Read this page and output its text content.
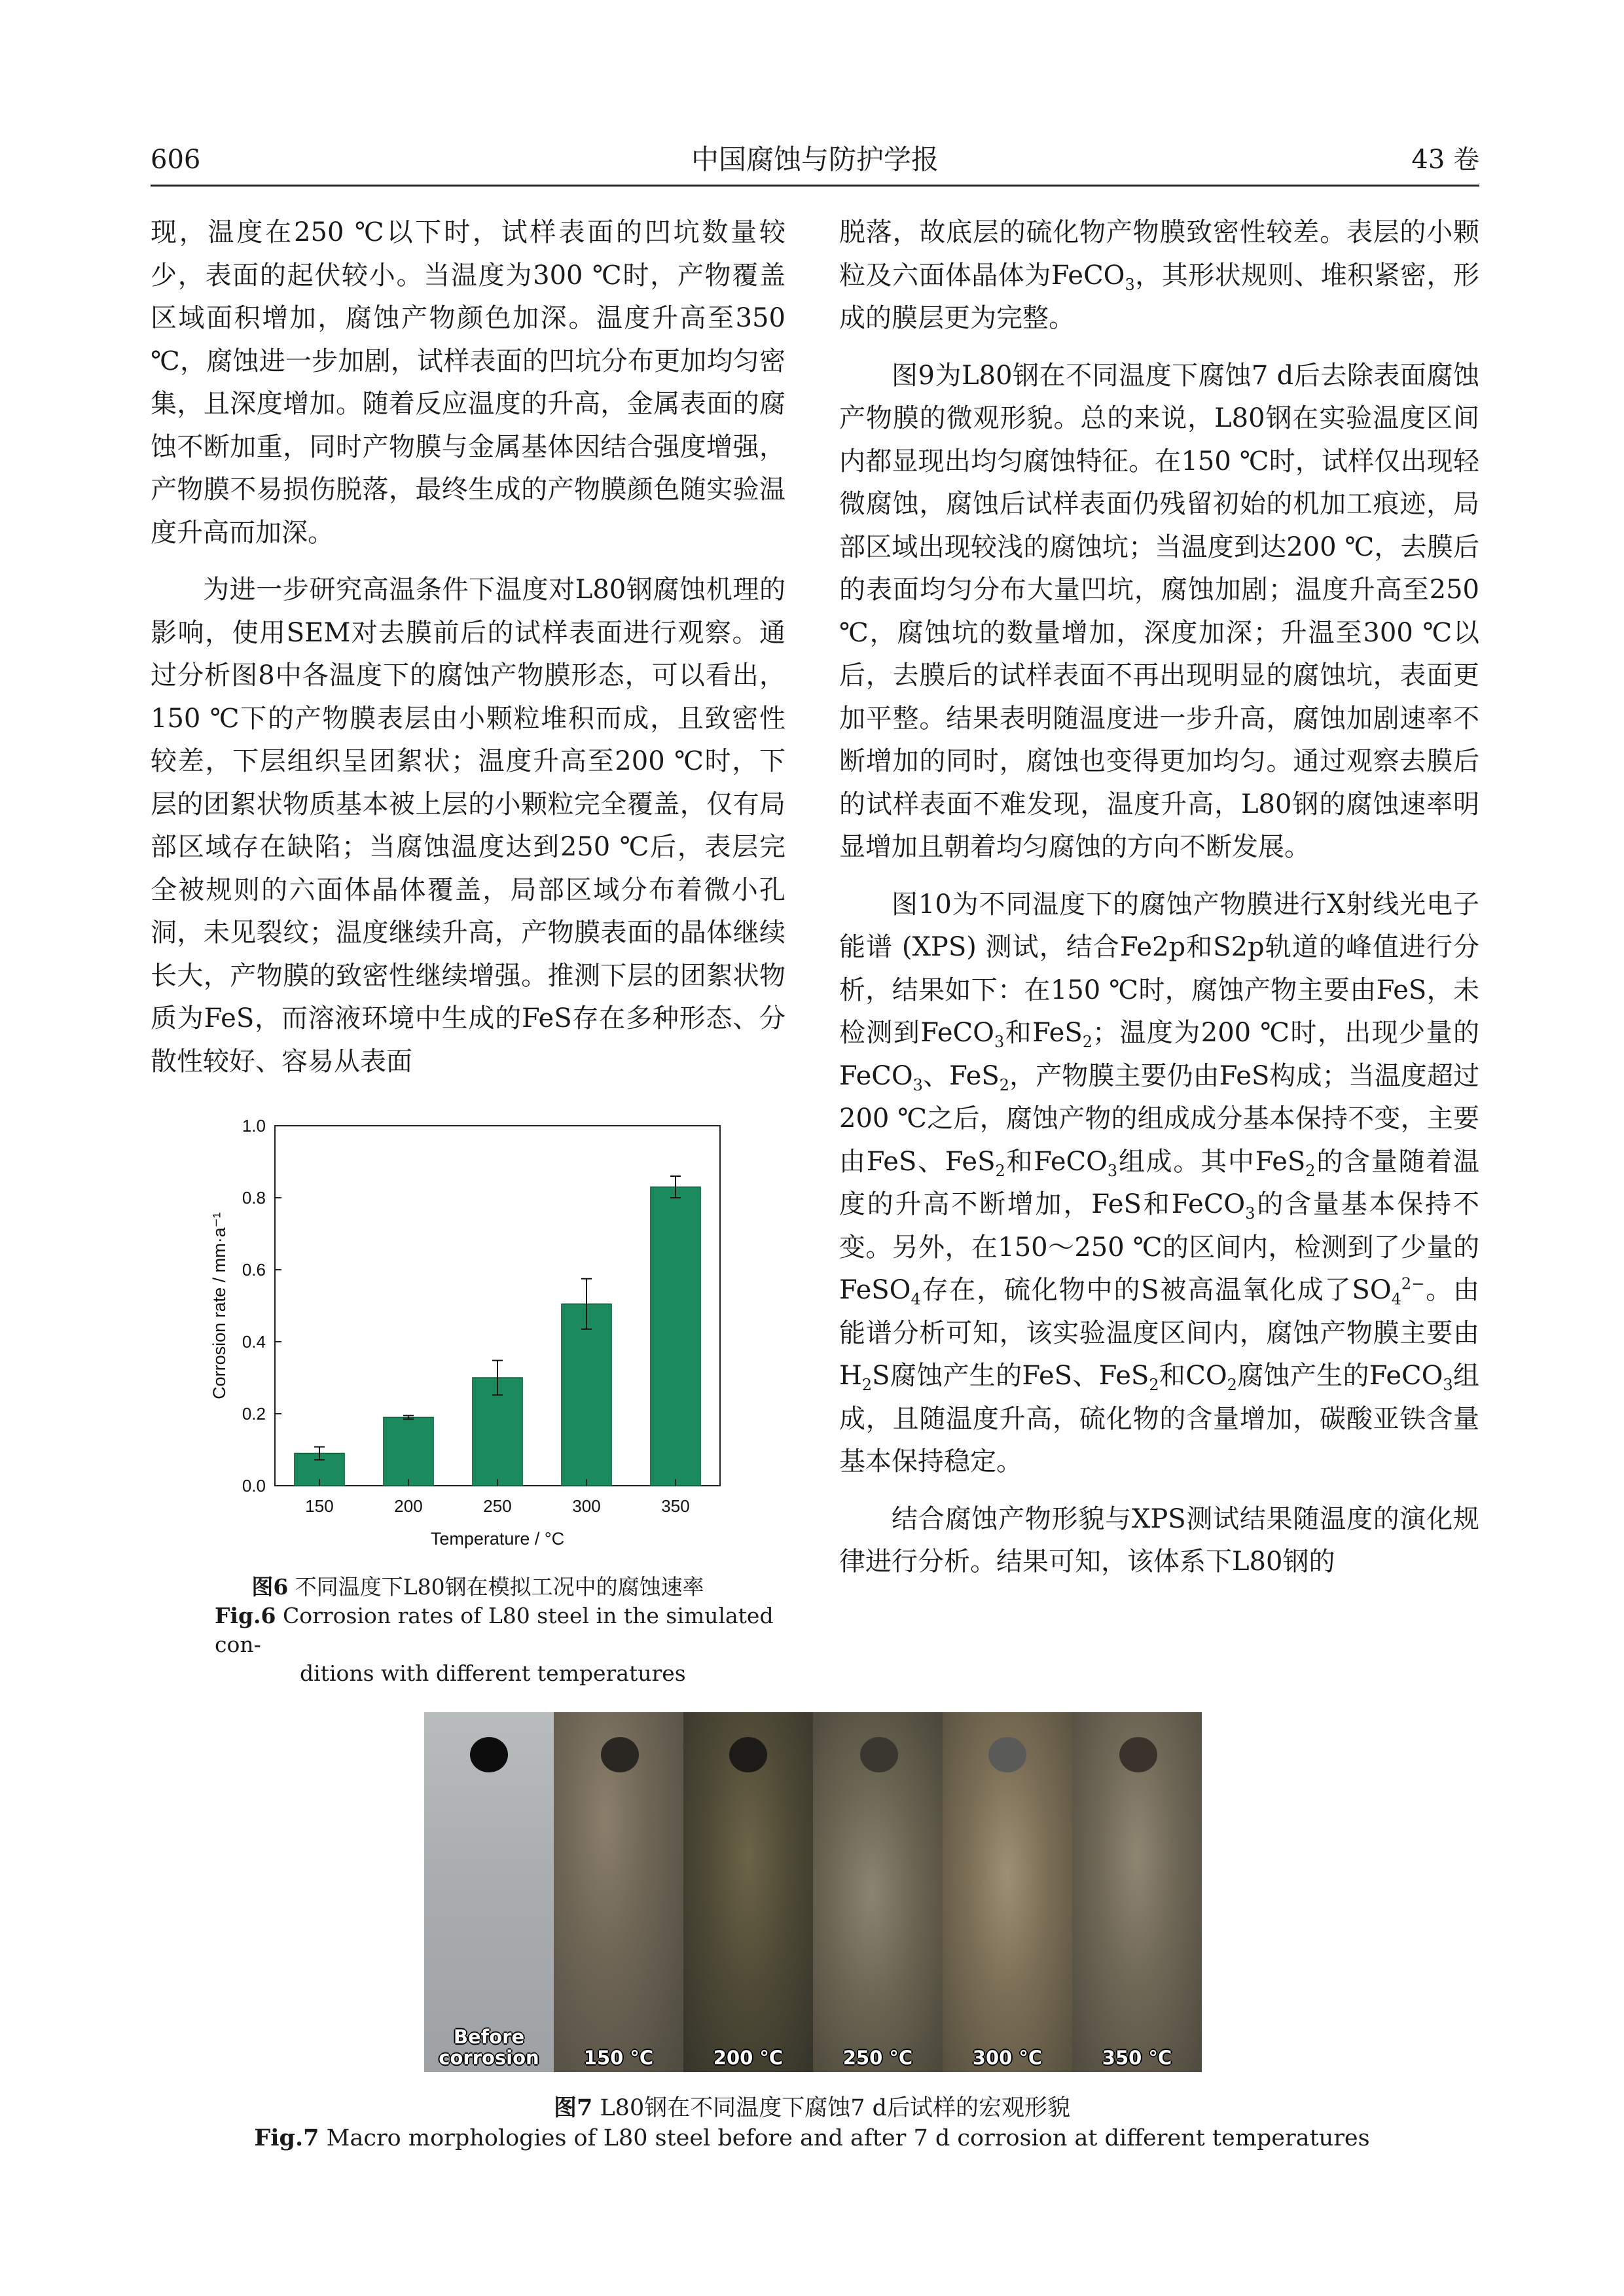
606	中国腐蚀与防护学报	43 卷

现，温度在250 ℃以下时，试样表面的凹坑数量较少，表面的起伏较小。当温度为300 ℃时，产物覆盖区域面积增加，腐蚀产物颜色加深。温度升高至350 ℃，腐蚀进一步加剧，试样表面的凹坑分布更加均匀密集，且深度增加。随着反应温度的升高，金属表面的腐蚀不断加重，同时产物膜与金属基体因结合强度增强，产物膜不易损伤脱落，最终生成的产物膜颜色随实验温度升高而加深。

为进一步研究高温条件下温度对L80钢腐蚀机理的影响，使用SEM对去膜前后的试样表面进行观察。通过分析图8中各温度下的腐蚀产物膜形态，可以看出，150 ℃下的产物膜表层由小颗粒堆积而成，且致密性较差，下层组织呈团絮状；温度升高至200 ℃时，下层的团絮状物质基本被上层的小颗粒完全覆盖，仅有局部区域存在缺陷；当腐蚀温度达到250 ℃后，表层完全被规则的六面体晶体覆盖，局部区域分布着微小孔洞，未见裂纹；温度继续升高，产物膜表面的晶体继续长大，产物膜的致密性继续增强。推测下层的团絮状物质为FeS，而溶液环境中生成的FeS存在多种形态、分散性较好、容易从表面

脱落，故底层的硫化物产物膜致密性较差。表层的小颗粒及六面体晶体为FeCO$_3$，其形状规则、堆积紧密，形成的膜层更为完整。

图9为L80钢在不同温度下腐蚀7 d后去除表面腐蚀产物膜的微观形貌。总的来说，L80钢在实验温度区间内都显现出均匀腐蚀特征。在150 ℃时，试样仅出现轻微腐蚀，腐蚀后试样表面仍残留初始的机加工痕迹，局部区域出现较浅的腐蚀坑；当温度到达200 ℃，去膜后的表面均匀分布大量凹坑，腐蚀加剧；温度升高至250 ℃，腐蚀坑的数量增加，深度加深；升温至300 ℃以后，去膜后的试样表面不再出现明显的腐蚀坑，表面更加平整。结果表明随温度进一步升高，腐蚀加剧速率不断增加的同时，腐蚀也变得更加均匀。通过观察去膜后的试样表面不难发现，温度升高，L80钢的腐蚀速率明显增加且朝着均匀腐蚀的方向不断发展。

图10为不同温度下的腐蚀产物膜进行X射线光电子能谱 (XPS) 测试，结合Fe2p和S2p轨道的峰值进行分析，结果如下：在150 ℃时，腐蚀产物主要由FeS，未检测到FeCO$_3$和FeS$_2$；温度为200 ℃时，出现少量的FeCO$_3$、FeS$_2$，产物膜主要仍由FeS构成；当温度超过200 ℃之后，腐蚀产物的组成成分基本保持不变，主要由FeS、FeS$_2$和FeCO$_3$组成。其中FeS$_2$的含量随着温度的升高不断增加，FeS和FeCO$_3$的含量基本保持不变。另外，在150～250 ℃的区间内，检测到了少量的FeSO$_4$存在，硫化物中的S被高温氧化成了$SO_4^{2-}$。由能谱分析可知，该实验温度区间内，腐蚀产物膜主要由$H_2S$腐蚀产生的FeS、FeS$_2$和$CO_2$腐蚀产生的FeCO$_3$组成，且随温度升高，硫化物的含量增加，碳酸亚铁含量基本保持稳定。

结合腐蚀产物形貌与XPS测试结果随温度的演化规律进行分析。结果可知，该体系下L80钢的

0.0
0.2
0.4
0.6
0.8
1.0
150	200	250	300	350
Temperature / °C
Corrosion rate / mm·a⁻¹
图6 不同温度下L80钢在模拟工况中的腐蚀速率
Fig.6 Corrosion rates of L80 steel in the simulated con-
ditions with different temperatures
Before
corrosion	150 °C	200 °C	250 °C	300 °C	350 °C
图7 L80钢在不同温度下腐蚀7 d后试样的宏观形貌
Fig.7 Macro morphologies of L80 steel before and after 7 d corrosion at different temperatures
